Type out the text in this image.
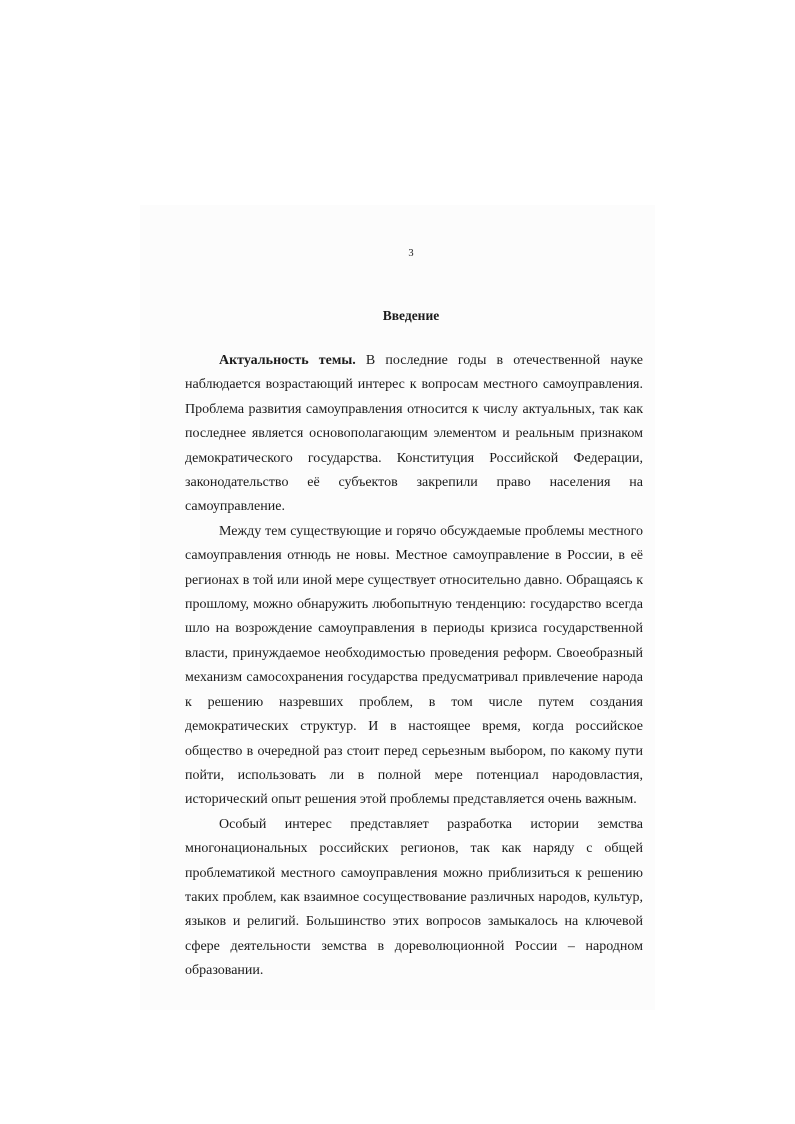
3
Введение

Актуальность темы. В последние годы в отечественной науке наблюдается возрастающий интерес к вопросам местного самоуправления. Проблема развития самоуправления относится к числу актуальных, так как последнее является основополагающим элементом и реальным признаком демократического государства. Конституция Российской Федерации, законодательство её субъектов закрепили право населения на самоуправление.

Между тем существующие и горячо обсуждаемые проблемы местного самоуправления отнюдь не новы. Местное самоуправление в России, в её регионах в той или иной мере существует относительно давно. Обращаясь к прошлому, можно обнаружить любопытную тенденцию: государство всегда шло на возрождение самоуправления в периоды кризиса государственной власти, принуждаемое необходимостью проведения реформ. Своеобразный механизм самосохранения государства предусматривал привлечение народа к решению назревших проблем, в том числе путем создания демократических структур. И в настоящее время, когда российское общество в очередной раз стоит перед серьезным выбором, по какому пути пойти, использовать ли в полной мере потенциал народовластия, исторический опыт решения этой проблемы представляется очень важным.

Особый интерес представляет разработка истории земства многонациональных российских регионов, так как наряду с общей проблематикой местного самоуправления можно приблизиться к решению таких проблем, как взаимное сосуществование различных народов, культур, языков и религий. Большинство этих вопросов замыкалось на ключевой сфере деятельности земства в дореволюционной России – народном образовании.
